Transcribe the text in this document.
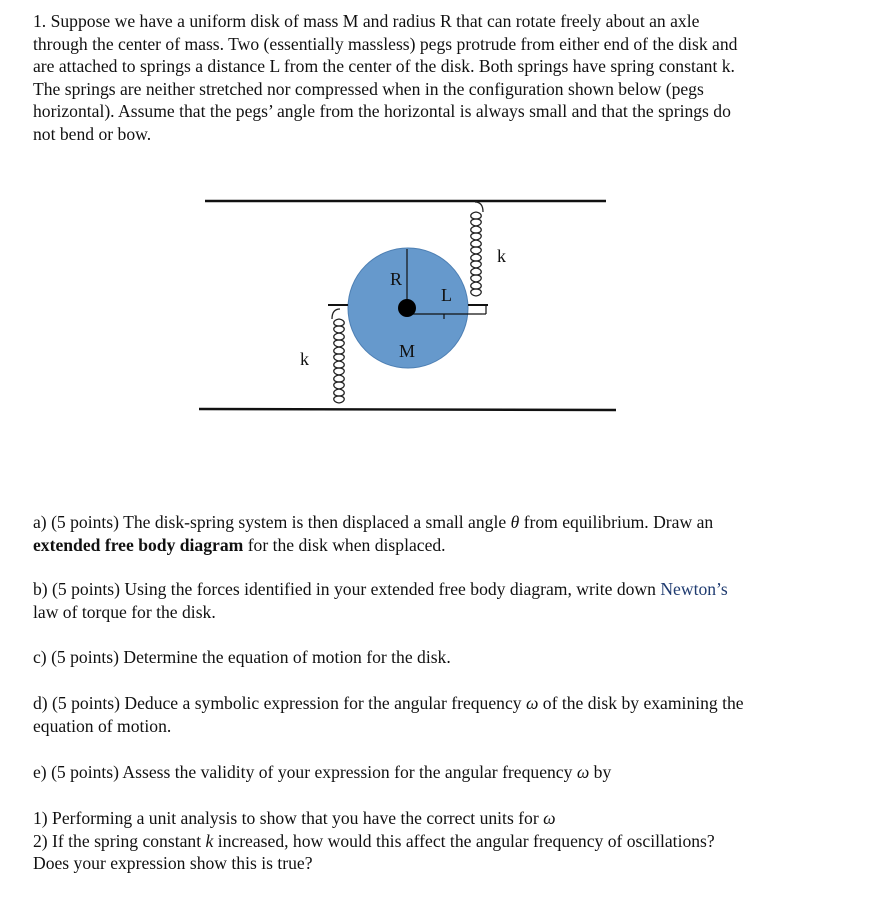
1. Suppose we have a uniform disk of mass M and radius R that can rotate freely about an axle
through the center of mass. Two (essentially massless) pegs protrude from either end of the disk and
are attached to springs a distance L from the center of the disk. Both springs have spring constant k.
The springs are neither stretched nor compressed when in the configuration shown below (pegs
horizontal). Assume that the pegs’ angle from the horizontal is always small and that the springs do
not bend or bow.
R
L
M
k
k
a) (5 points) The disk-spring system is then displaced a small angle θ from equilibrium. Draw an
extended free body diagram for the disk when displaced.
b) (5 points) Using the forces identified in your extended free body diagram, write down Newton’s
law of torque for the disk.
c) (5 points) Determine the equation of motion for the disk.
d) (5 points) Deduce a symbolic expression for the angular frequency ω of the disk by examining the
equation of motion.
e) (5 points) Assess the validity of your expression for the angular frequency ω by
1) Performing a unit analysis to show that you have the correct units for ω
2) If the spring constant k increased, how would this affect the angular frequency of oscillations?
Does your expression show this is true?
